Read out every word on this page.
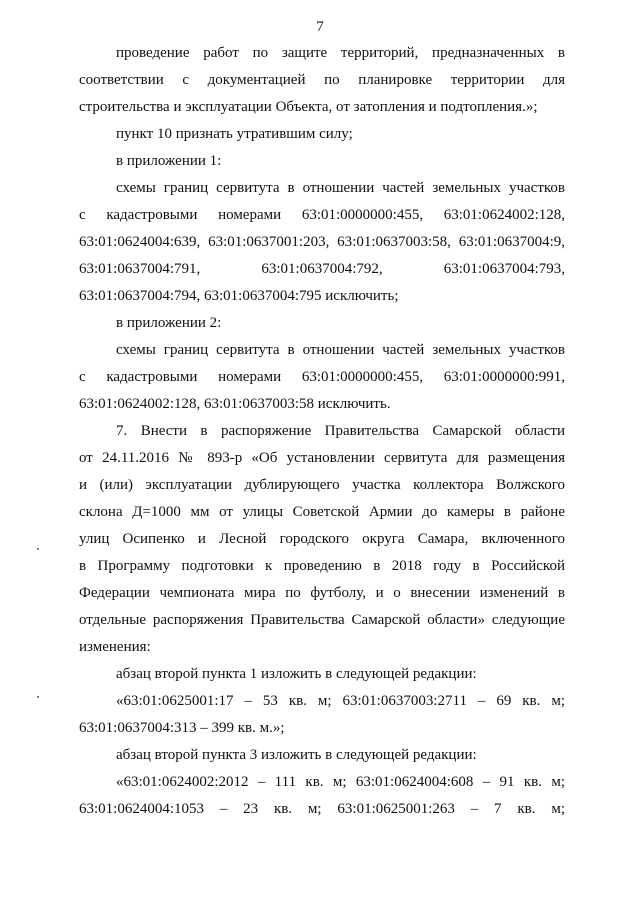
7
проведение работ по защите территорий, предназначенных в
соответствии с документацией по планировке территории для
строительства и эксплуатации Объекта, от затопления и подтопления.»;
пункт 10 признать утратившим силу;
в приложении 1:
схемы границ сервитута в отношении частей земельных участков
с кадастровыми номерами 63:01:0000000:455, 63:01:0624002:128,
63:01:0624004:639, 63:01:0637001:203, 63:01:0637003:58, 63:01:0637004:9,
63:01:0637004:791, 63:01:0637004:792, 63:01:0637004:793,
63:01:0637004:794, 63:01:0637004:795 исключить;
в приложении 2:
схемы границ сервитута в отношении частей земельных участков
с кадастровыми номерами 63:01:0000000:455, 63:01:0000000:991,
63:01:0624002:128, 63:01:0637003:58 исключить.
7. Внести в распоряжение Правительства Самарской области
от 24.11.2016 № 893-р «Об установлении сервитута для размещения
и (или) эксплуатации дублирующего участка коллектора Волжского
склона Д=1000 мм от улицы Советской Армии до камеры в районе
улиц Осипенко и Лесной городского округа Самара, включенного
в Программу подготовки к проведению в 2018 году в Российской
Федерации чемпионата мира по футболу, и о внесении изменений в
отдельные распоряжения Правительства Самарской области» следующие
изменения:
абзац второй пункта 1 изложить в следующей редакции:
«63:01:0625001:17 – 53 кв. м; 63:01:0637003:2711 – 69 кв. м;
63:01:0637004:313 – 399 кв. м.»;
абзац второй пункта 3 изложить в следующей редакции:
«63:01:0624002:2012 – 111 кв. м; 63:01:0624004:608 – 91 кв. м;
63:01:0624004:1053 – 23 кв. м; 63:01:0625001:263 – 7 кв. м;
